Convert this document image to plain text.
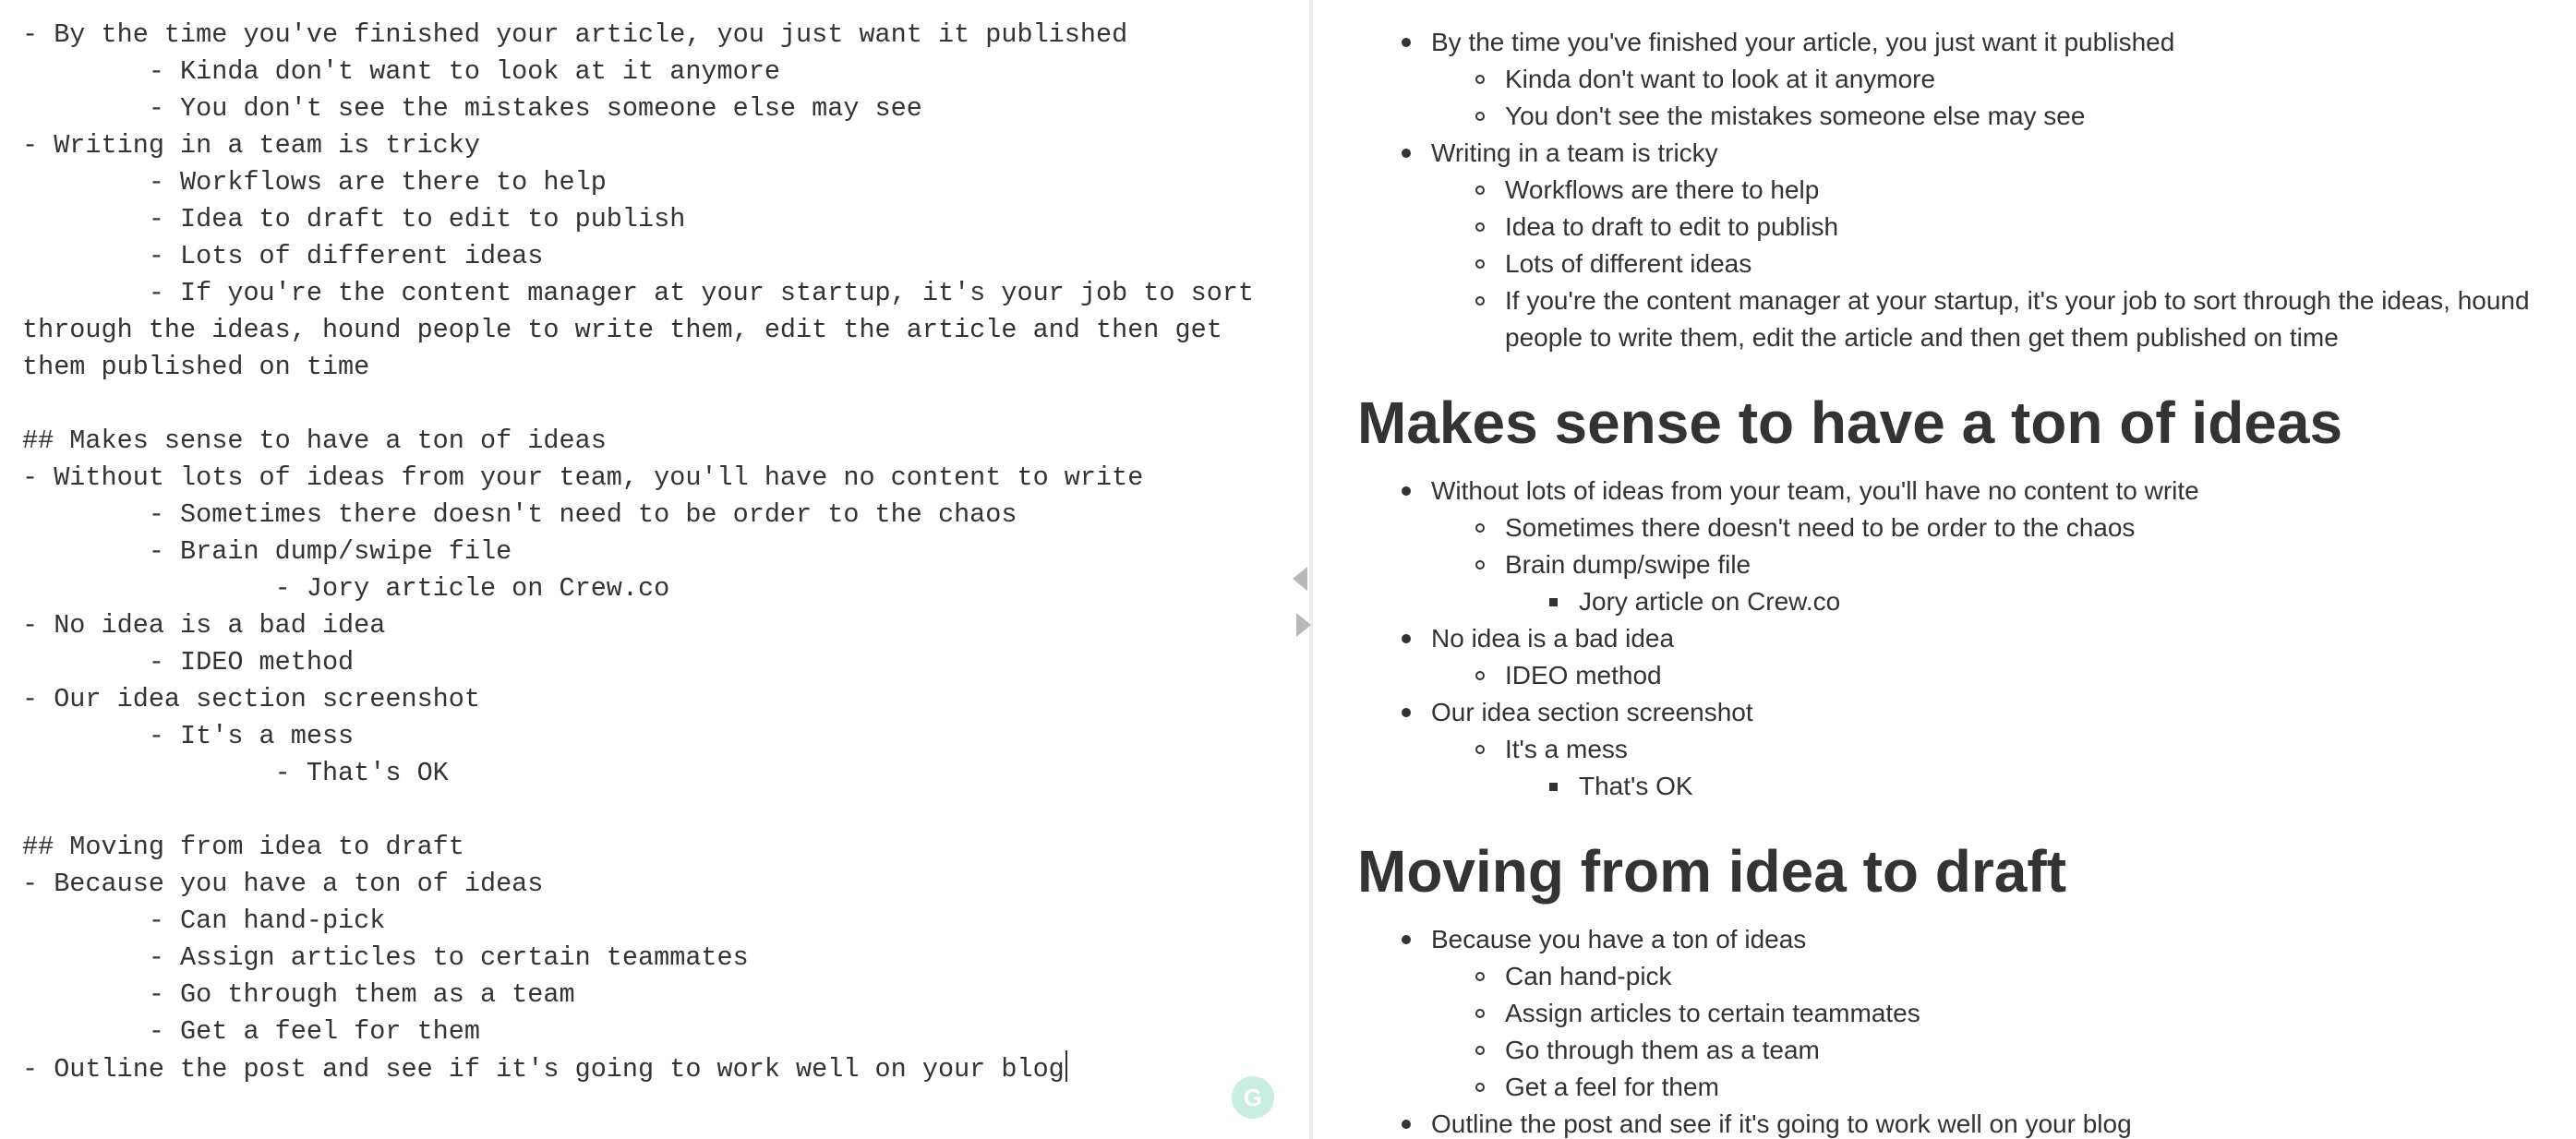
- By the time you've finished your article, you just want it published
- Kinda don't want to look at it anymore
- You don't see the mistakes someone else may see
- Writing in a team is tricky
- Workflows are there to help
- Idea to draft to edit to publish
- Lots of different ideas
- If you're the content manager at your startup, it's your job to sort
through the ideas, hound people to write them, edit the article and then get
them published on time
## Makes sense to have a ton of ideas
- Without lots of ideas from your team, you'll have no content to write
- Sometimes there doesn't need to be order to the chaos
- Brain dump/swipe file
- Jory article on Crew.co
- No idea is a bad idea
- IDEO method
- Our idea section screenshot
- It's a mess
- That's OK
## Moving from idea to draft
- Because you have a ton of ideas
- Can hand-pick
- Assign articles to certain teammates
- Go through them as a team
- Get a feel for them
- Outline the post and see if it's going to work well on your blog
G
By the time you've finished your article, you just want it published
Kinda don't want to look at it anymore
You don't see the mistakes someone else may see
Writing in a team is tricky
Workflows are there to help
Idea to draft to edit to publish
Lots of different ideas
If you're the content manager at your startup, it's your job to sort through the ideas, hound people to write them, edit the article and then get them published on time
Makes sense to have a ton of ideas
Without lots of ideas from your team, you'll have no content to write
Sometimes there doesn't need to be order to the chaos
Brain dump/swipe file
Jory article on Crew.co
No idea is a bad idea
IDEO method
Our idea section screenshot
It's a mess
That's OK
Moving from idea to draft
Because you have a ton of ideas
Can hand-pick
Assign articles to certain teammates
Go through them as a team
Get a feel for them
Outline the post and see if it's going to work well on your blog
